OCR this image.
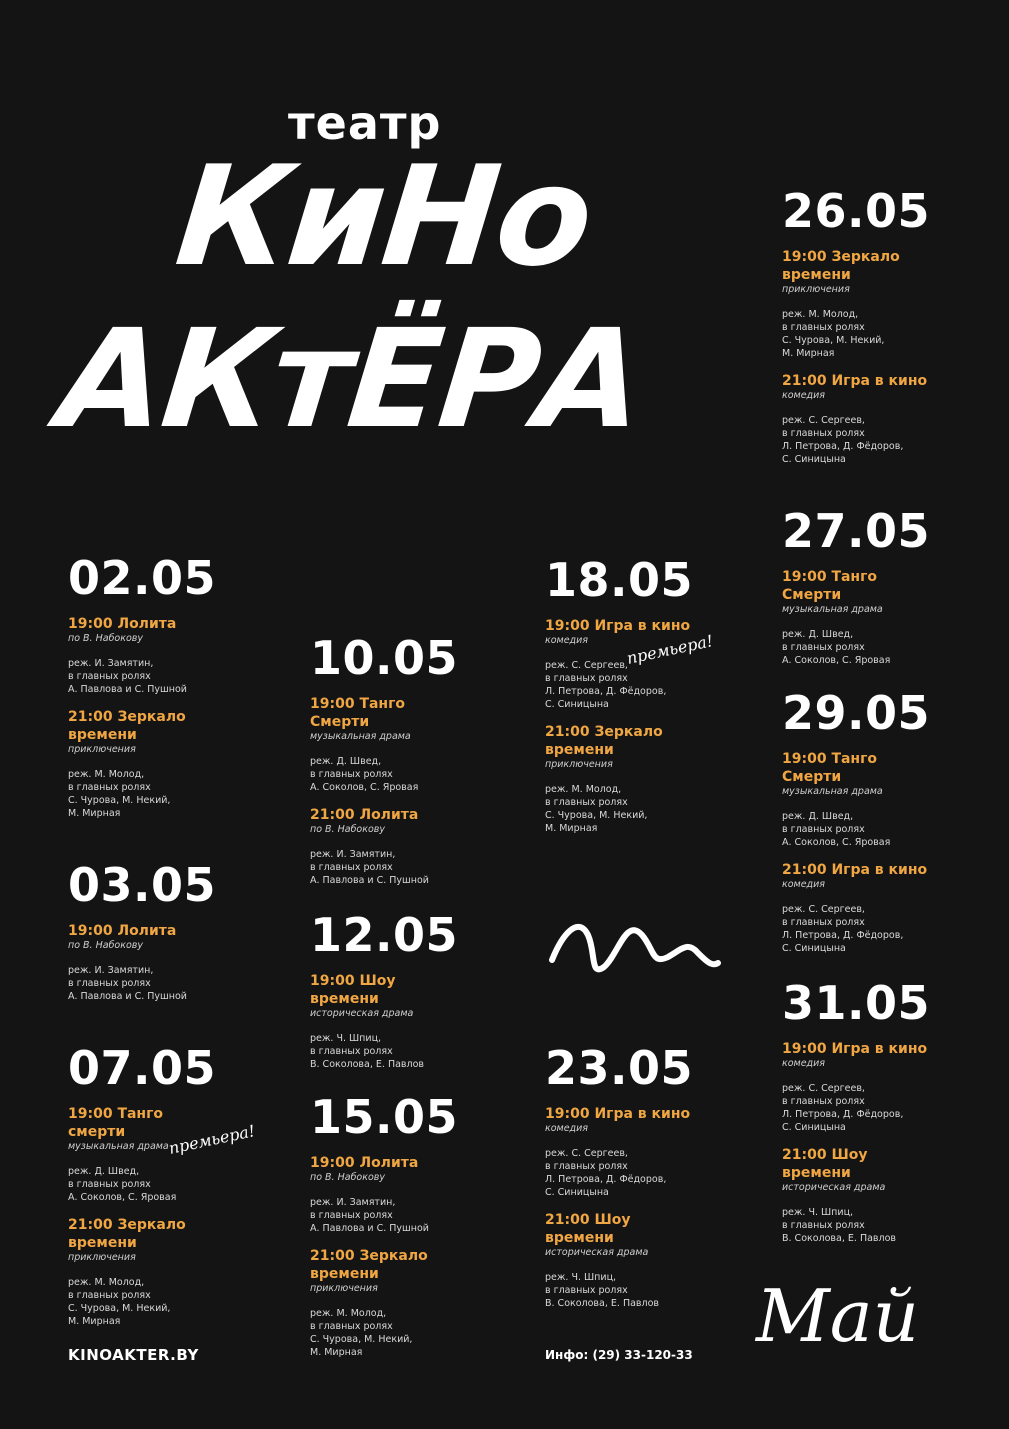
театр
КиНо
АКтЁРА
02.05
19:00 Лолита
по В. Набокову
реж. И. Замятин,
в главных ролях
А. Павлова и С. Пушной
21:00 Зеркало времени
приключения
реж. М. Молод,
в главных ролях
С. Чурова, М. Некий,
М. Мирная
03.05
19:00 Лолита
по В. Набокову
реж. И. Замятин,
в главных ролях
А. Павлова и С. Пушной
07.05
19:00 Танго смерти
музыкальная драма
реж. Д. Швед,
в главных ролях
А. Соколов, С. Яровая
21:00 Зеркало времени
приключения
реж. М. Молод,
в главных ролях
С. Чурова, М. Некий,
М. Мирная
10.05
19:00 Танго Смерти
музыкальная драма
реж. Д. Швед,
в главных ролях
А. Соколов, С. Яровая
21:00 Лолита
по В. Набокову
реж. И. Замятин,
в главных ролях
А. Павлова и С. Пушной
12.05
19:00 Шоу времени
историческая драма
реж. Ч. Шпиц,
в главных ролях
В. Соколова, Е. Павлов
15.05
19:00 Лолита
по В. Набокову
реж. И. Замятин,
в главных ролях
А. Павлова и С. Пушной
21:00 Зеркало времени
приключения
реж. М. Молод,
в главных ролях
С. Чурова, М. Некий,
М. Мирная
18.05
19:00 Игра в кино
комедия
реж. С. Сергеев,
в главных ролях
Л. Петрова, Д. Фёдоров,
С. Синицына
21:00 Зеркало времени
приключения
реж. М. Молод,
в главных ролях
С. Чурова, М. Некий,
М. Мирная
23.05
19:00 Игра в кино
комедия
реж. С. Сергеев,
в главных ролях
Л. Петрова, Д. Фёдоров,
С. Синицына
21:00 Шоу времени
историческая драма
реж. Ч. Шпиц,
в главных ролях
В. Соколова, Е. Павлов
26.05
19:00 Зеркало времени
приключения
реж. М. Молод,
в главных ролях
С. Чурова, М. Некий,
М. Мирная
21:00 Игра в кино
комедия
реж. С. Сергеев,
в главных ролях
Л. Петрова, Д. Фёдоров,
С. Синицына
27.05
19:00 Танго Смерти
музыкальная драма
реж. Д. Швед,
в главных ролях
А. Соколов, С. Яровая
29.05
19:00 Танго Смерти
музыкальная драма
реж. Д. Швед,
в главных ролях
А. Соколов, С. Яровая
21:00 Игра в кино
комедия
реж. С. Сергеев,
в главных ролях
Л. Петрова, Д. Фёдоров,
С. Синицына
31.05
19:00 Игра в кино
комедия
реж. С. Сергеев,
в главных ролях
Л. Петрова, Д. Фёдоров,
С. Синицына
21:00 Шоу времени
историческая драма
реж. Ч. Шпиц,
в главных ролях
В. Соколова, Е. Павлов
премьера!
премьера!
KINOAKTER.BY	Инфо: (29) 33-120-33 Май
